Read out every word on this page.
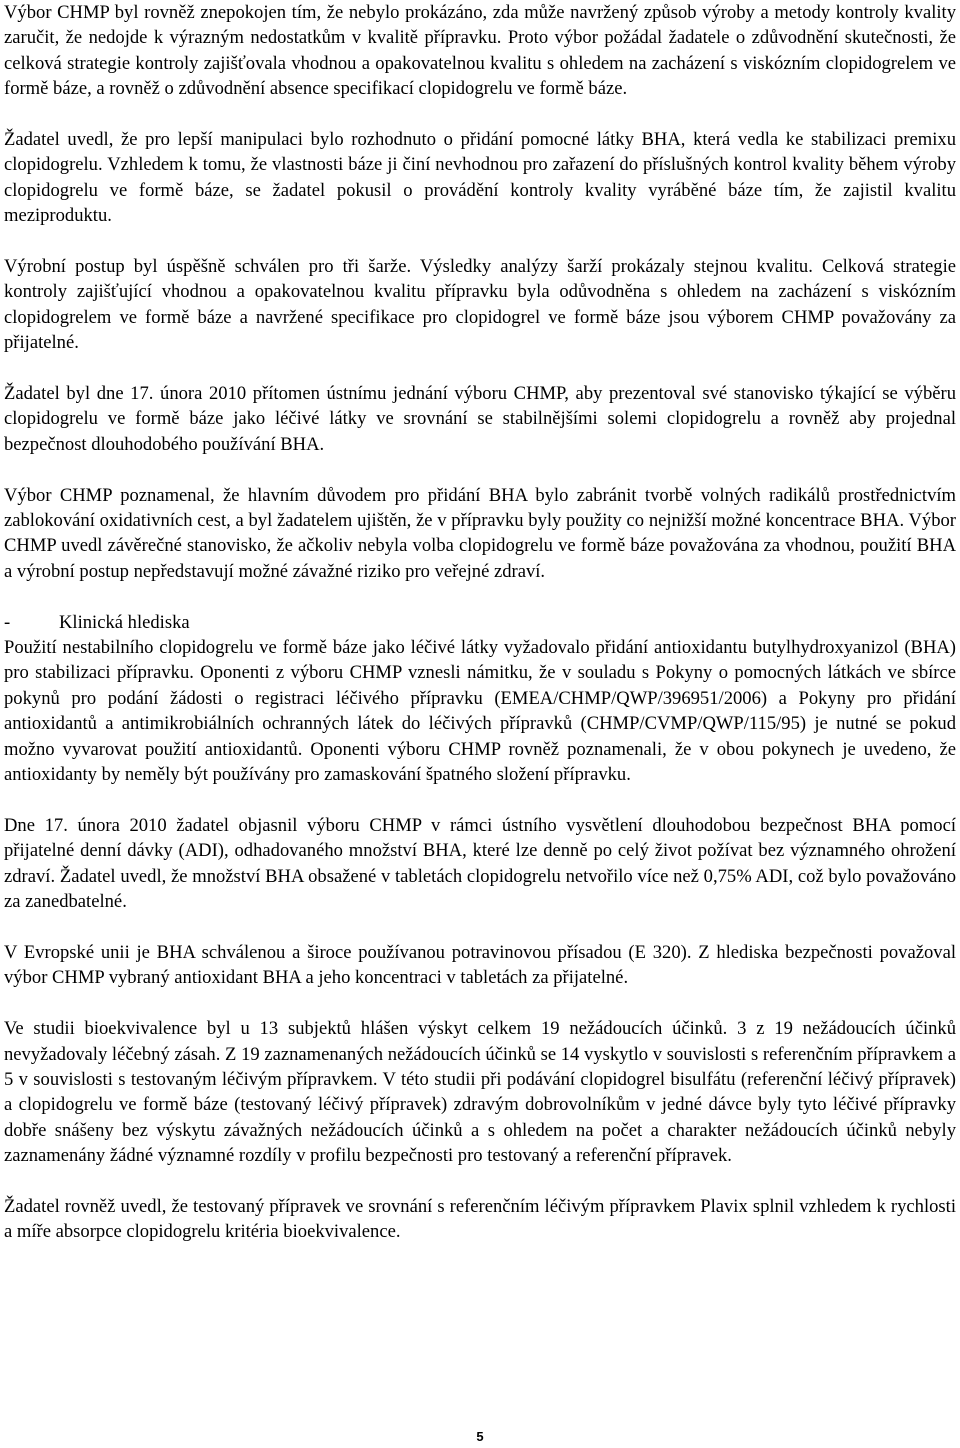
Výbor CHMP byl rovněž znepokojen tím, že nebylo prokázáno, zda může navržený způsob výroby a metody kontroly kvality zaručit, že nedojde k výrazným nedostatkům v kvalitě přípravku. Proto výbor požádal žadatele o zdůvodnění skutečnosti, že celková strategie kontroly zajišťovala vhodnou a opakovatelnou kvalitu s ohledem na zacházení s viskózním clopidogrelem ve formě báze, a rovněž o zdůvodnění absence specifikací clopidogrelu ve formě báze.

Žadatel uvedl, že pro lepší manipulaci bylo rozhodnuto o přidání pomocné látky BHA, která vedla ke stabilizaci premixu clopidogrelu. Vzhledem k tomu, že vlastnosti báze ji činí nevhodnou pro zařazení do příslušných kontrol kvality během výroby clopidogrelu ve formě báze, se žadatel pokusil o provádění kontroly kvality vyráběné báze tím, že zajistil kvalitu meziproduktu.

Výrobní postup byl úspěšně schválen pro tři šarže. Výsledky analýzy šarží prokázaly stejnou kvalitu. Celková strategie kontroly zajišťující vhodnou a opakovatelnou kvalitu přípravku byla odůvodněna s ohledem na zacházení s viskózním clopidogrelem ve formě báze a navržené specifikace pro clopidogrel ve formě báze jsou výborem CHMP považovány za přijatelné.

Žadatel byl dne 17. února 2010 přítomen ústnímu jednání výboru CHMP, aby prezentoval své stanovisko týkající se výběru clopidogrelu ve formě báze jako léčivé látky ve srovnání se stabilnějšími solemi clopidogrelu a rovněž aby projednal bezpečnost dlouhodobého používání BHA.

Výbor CHMP poznamenal, že hlavním důvodem pro přidání BHA bylo zabránit tvorbě volných radikálů prostřednictvím zablokování oxidativních cest, a byl žadatelem ujištěn, že v přípravku byly použity co nejnižší možné koncentrace BHA. Výbor CHMP uvedl závěrečné stanovisko, že ačkoliv nebyla volba clopidogrelu ve formě báze považována za vhodnou, použití BHA a výrobní postup nepředstavují možné závažné riziko pro veřejné zdraví.

-	Klinická hlediska

Použití nestabilního clopidogrelu ve formě báze jako léčivé látky vyžadovalo přidání antioxidantu butylhydroxyanizol (BHA) pro stabilizaci přípravku. Oponenti z výboru CHMP vznesli námitku, že v souladu s Pokyny o pomocných látkách ve sbírce pokynů pro podání žádosti o registraci léčivého přípravku (EMEA/CHMP/QWP/396951/2006) a Pokyny pro přidání antioxidantů a antimikrobiálních ochranných látek do léčivých přípravků (CHMP/CVMP/QWP/115/95) je nutné se pokud možno vyvarovat použití antioxidantů. Oponenti výboru CHMP rovněž poznamenali, že v obou pokynech je uvedeno, že antioxidanty by neměly být používány pro zamaskování špatného složení přípravku.

Dne 17. února 2010 žadatel objasnil výboru CHMP v rámci ústního vysvětlení dlouhodobou bezpečnost BHA pomocí přijatelné denní dávky (ADI), odhadovaného množství BHA, které lze denně po celý život požívat bez významného ohrožení zdraví. Žadatel uvedl, že množství BHA obsažené v tabletách clopidogrelu netvořilo více než 0,75% ADI, což bylo považováno za zanedbatelné.

V Evropské unii je BHA schválenou a široce používanou potravinovou přísadou (E 320). Z hlediska bezpečnosti považoval výbor CHMP vybraný antioxidant BHA a jeho koncentraci v tabletách za přijatelné.

Ve studii bioekvivalence byl u 13 subjektů hlášen výskyt celkem 19 nežádoucích účinků. 3 z 19 nežádoucích účinků nevyžadovaly léčebný zásah. Z 19 zaznamenaných nežádoucích účinků se 14 vyskytlo v souvislosti s referenčním přípravkem a 5 v souvislosti s testovaným léčivým přípravkem. V této studii při podávání clopidogrel bisulfátu (referenční léčivý přípravek) a clopidogrelu ve formě báze (testovaný léčivý přípravek) zdravým dobrovolníkům v jedné dávce byly tyto léčivé přípravky dobře snášeny bez výskytu závažných nežádoucích účinků a s ohledem na počet a charakter nežádoucích účinků nebyly zaznamenány žádné významné rozdíly v profilu bezpečnosti pro testovaný a referenční přípravek.

Žadatel rovněž uvedl, že testovaný přípravek ve srovnání s referenčním léčivým přípravkem Plavix splnil vzhledem k rychlosti a míře absorpce clopidogrelu kritéria bioekvivalence.

5
